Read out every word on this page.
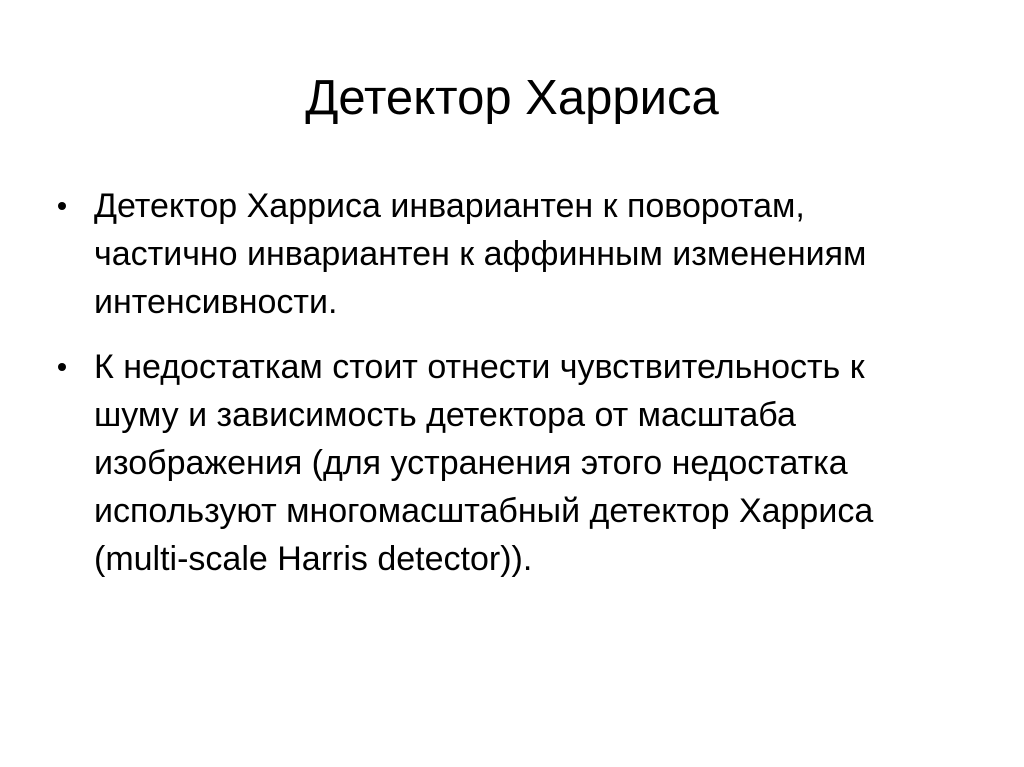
Детектор Харриса
Детектор Харриса инвариантен к поворотам, частично инвариантен к аффинным изменениям интенсивности.
К недостаткам стоит отнести чувствительность к шуму и зависимость детектора от масштаба изображения (для устранения этого недостатка используют многомасштабный детектор Харриса (multi-scale Harris detector)).
